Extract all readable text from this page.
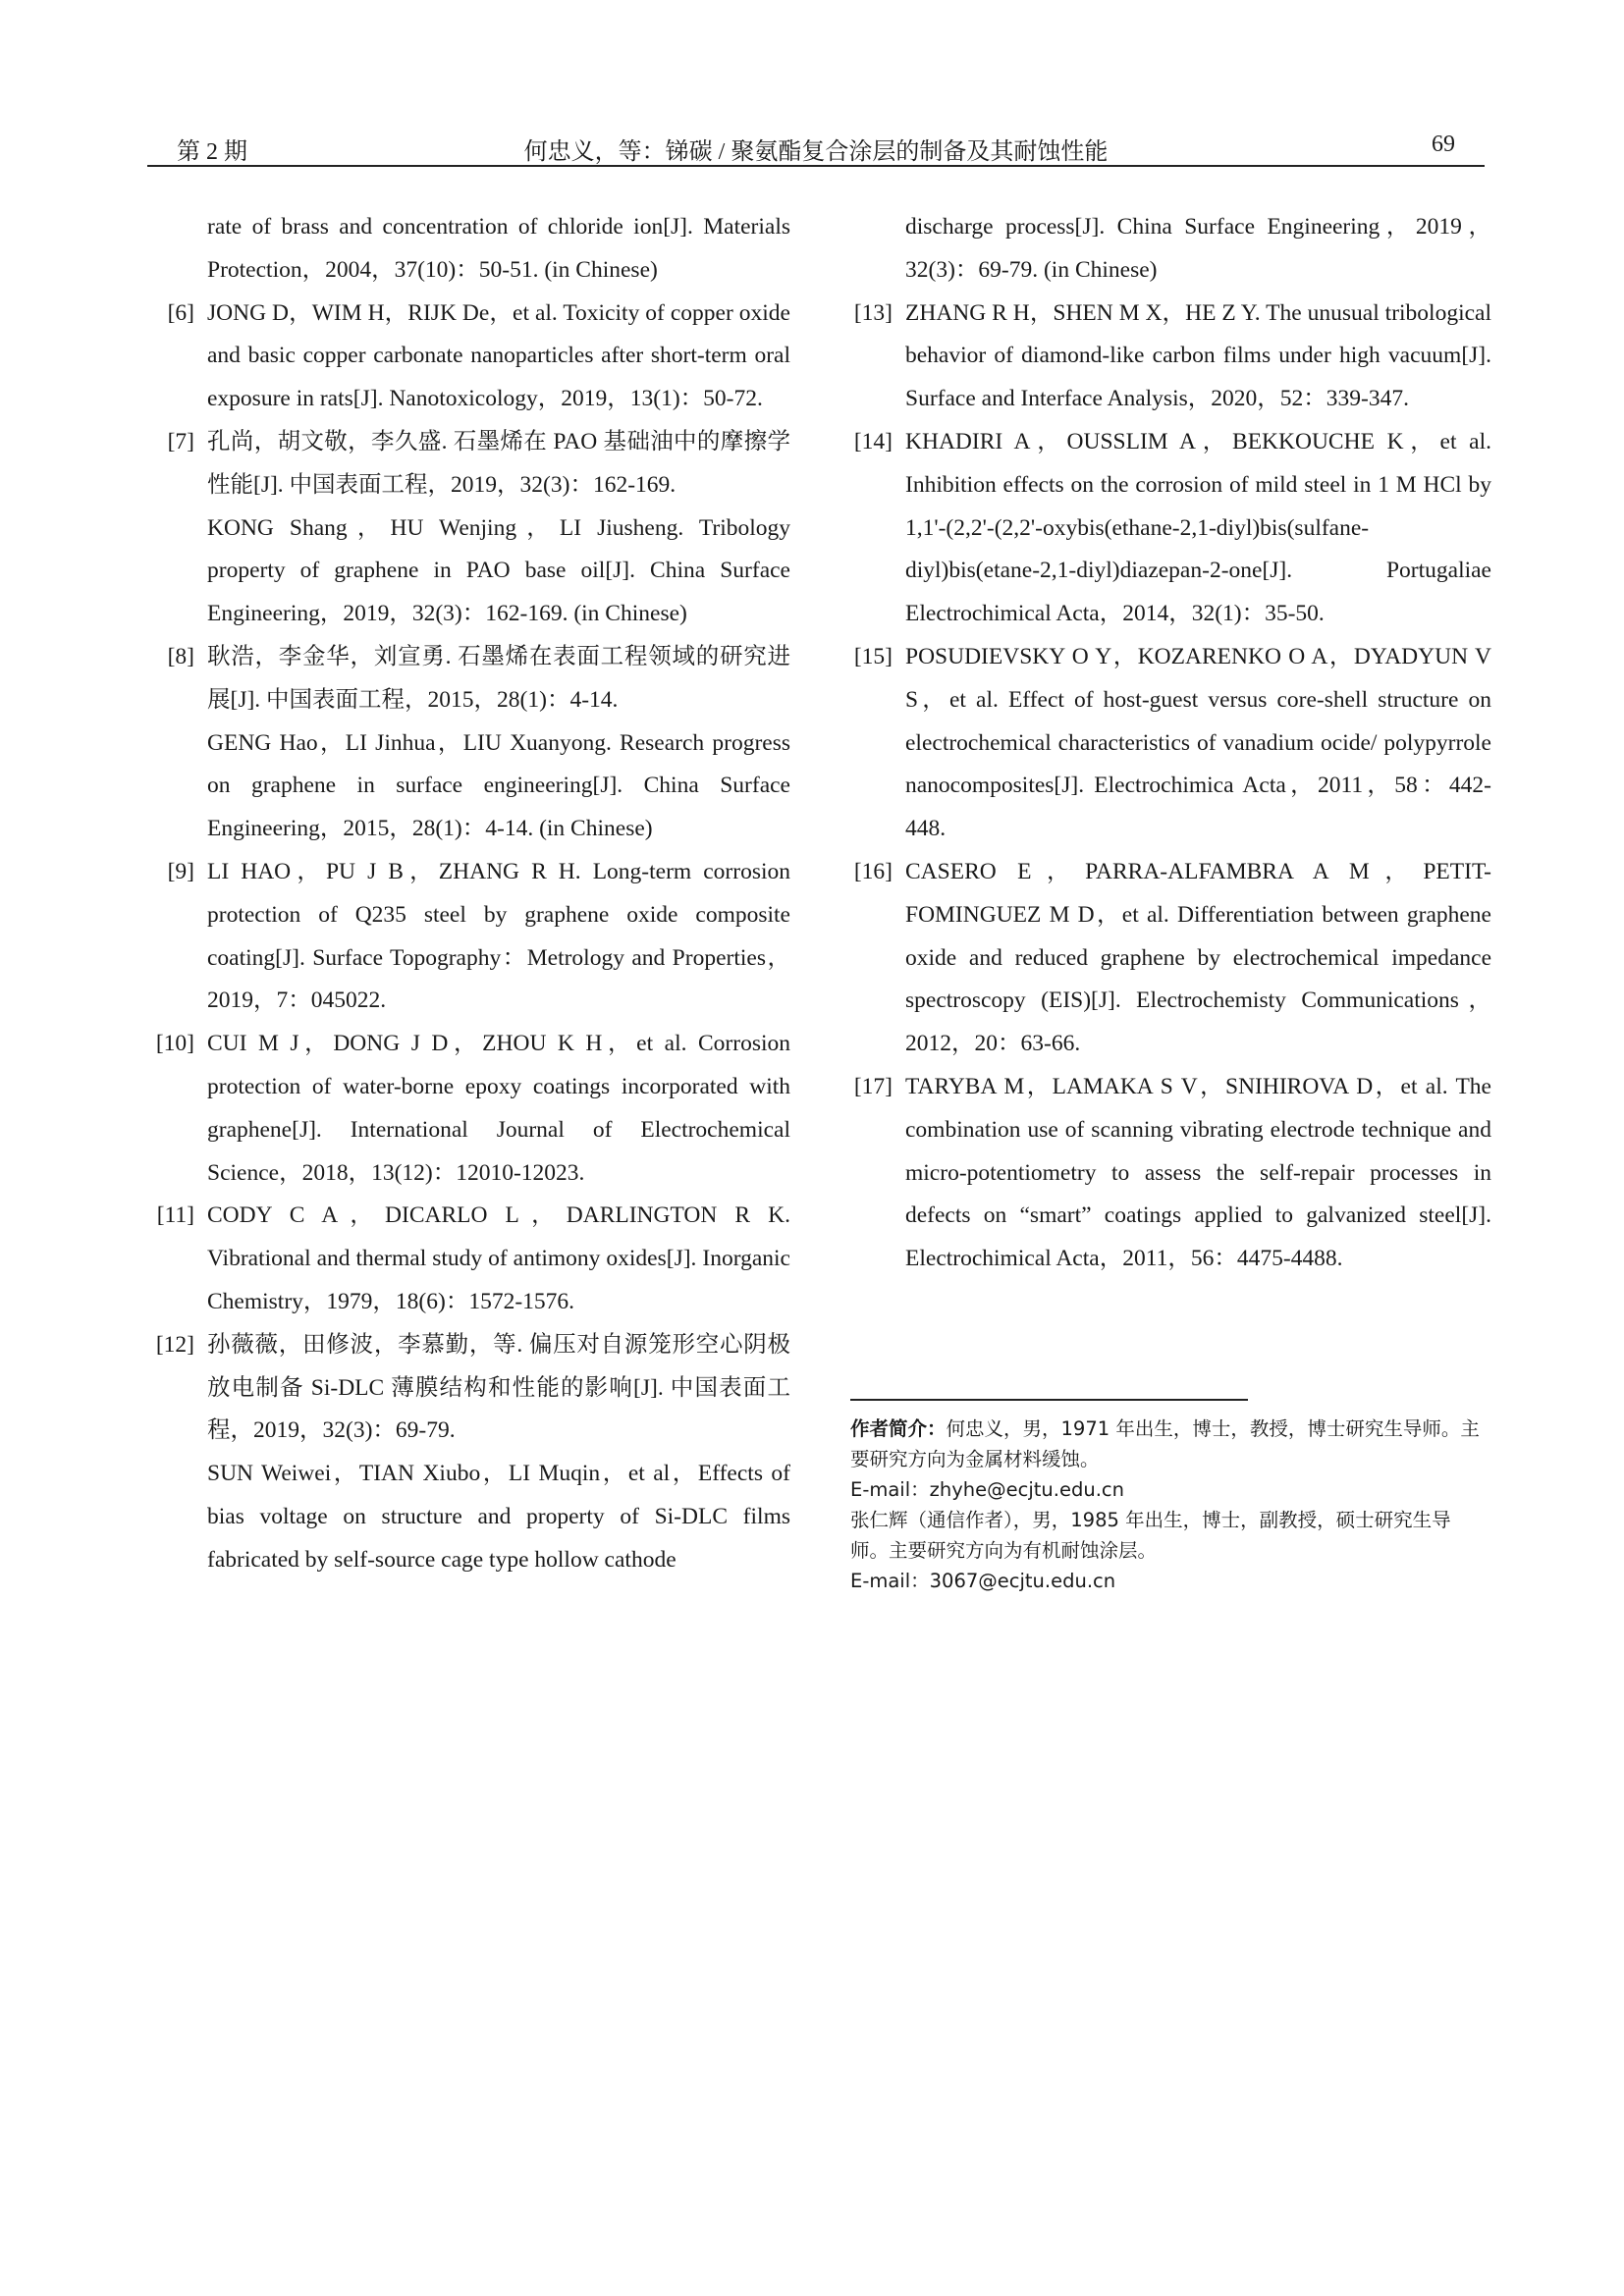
第 2 期	何忠义，等：锑碳 / 聚氨酯复合涂层的制备及其耐蚀性能	69
rate of brass and concentration of chloride ion[J]. Materials Protection，2004，37(10)：50-51. (in Chinese)
[6] JONG D，WIM H，RIJK De，et al. Toxicity of copper oxide and basic copper carbonate nanoparticles after short-term oral exposure in rats[J]. Nanotoxicology，2019，13(1)：50-72.
[7] 孔尚，胡文敬，李久盛. 石墨烯在 PAO 基础油中的摩擦学性能[J]. 中国表面工程，2019，32(3)：162-169.
KONG Shang，HU Wenjing，LI Jiusheng. Tribology property of graphene in PAO base oil[J]. China Surface Engineering，2019，32(3)：162-169. (in Chinese)
[8] 耿浩，李金华，刘宣勇. 石墨烯在表面工程领域的研究进展[J]. 中国表面工程，2015，28(1)：4-14.
GENG Hao，LI Jinhua，LIU Xuanyong. Research progress on graphene in surface engineering[J]. China Surface Engineering，2015，28(1)：4-14. (in Chinese)
[9] LI HAO，PU J B，ZHANG R H. Long-term corrosion protection of Q235 steel by graphene oxide composite coating[J]. Surface Topography：Metrology and Properties，2019，7：045022.
[10] CUI M J，DONG J D，ZHOU K H，et al. Corrosion protection of water-borne epoxy coatings incorporated with graphene[J]. International Journal of Electrochemical Science，2018，13(12)：12010-12023.
[11] CODY C A，DICARLO L，DARLINGTON R K. Vibrational and thermal study of antimony oxides[J]. Inorganic Chemistry，1979，18(6)：1572-1576.
[12] 孙薇薇，田修波，李慕勤，等. 偏压对自源笼形空心阴极放电制备 Si-DLC 薄膜结构和性能的影响[J]. 中国表面工程，2019，32(3)：69-79.
SUN Weiwei，TIAN Xiubo，LI Muqin，et al，Effects of bias voltage on structure and property of Si-DLC films fabricated by self-source cage type hollow cathode
discharge process[J]. China Surface Engineering，2019，32(3)：69-79. (in Chinese)
[13] ZHANG R H，SHEN M X，HE Z Y. The unusual tribological behavior of diamond-like carbon films under high vacuum[J]. Surface and Interface Analysis，2020，52：339-347.
[14] KHADIRI A，OUSSLIM A，BEKKOUCHE K，et al. Inhibition effects on the corrosion of mild steel in 1 M HCl by 1,1'-(2,2'-(2,2'-oxybis(ethane-2,1-diyl)bis(sulfane-diyl)bis(etane-2,1-diyl)diazepan-2-one[J]. Portugaliae Electrochimical Acta，2014，32(1)：35-50.
[15] POSUDIEVSKY O Y，KOZARENKO O A，DYADYUN V S，et al. Effect of host-guest versus core-shell structure on electrochemical characteristics of vanadium ocide/ polypyrrole nanocomposites[J]. Electrochimica Acta，2011，58：442-448.
[16] CASERO E，PARRA-ALFAMBRA A M，PETIT-FOMINGUEZ M D，et al. Differentiation between graphene oxide and reduced graphene by electrochemical impedance spectroscopy (EIS)[J]. Electrochemisty Communications，2012，20：63-66.
[17] TARYBA M，LAMAKA S V，SNIHIROVA D，et al. The combination use of scanning vibrating electrode technique and micro-potentiometry to assess the self-repair processes in defects on “smart” coatings applied to galvanized steel[J]. Electrochimical Acta，2011，56：4475-4488.
作者简介：何忠义，男，1971 年出生，博士，教授，博士研究生导师。主要研究方向为金属材料缓蚀。
E-mail：zhyhe@ecjtu.edu.cn
张仁辉（通信作者），男，1985 年出生，博士，副教授，硕士研究生导师。主要研究方向为有机耐蚀涂层。
E-mail：3067@ecjtu.edu.cn
